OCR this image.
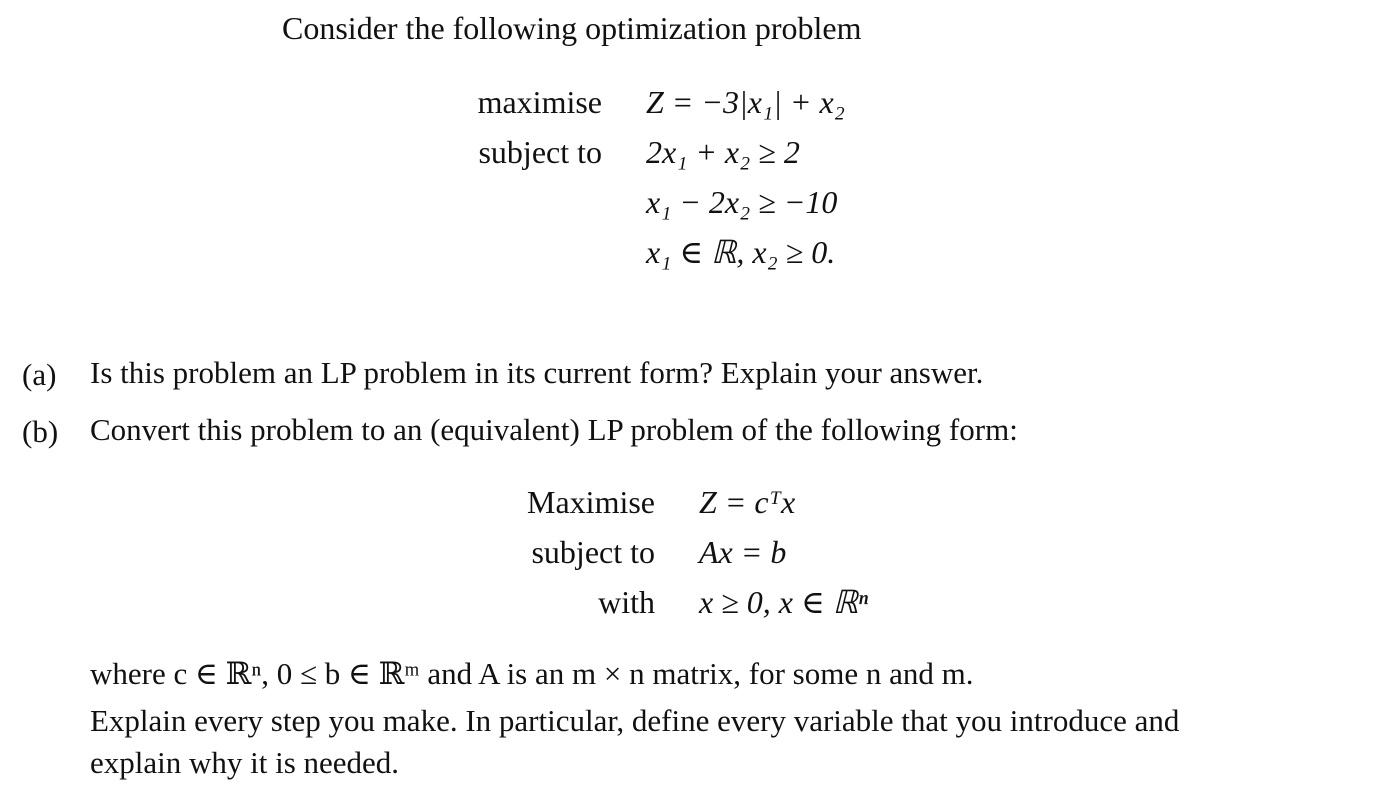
Consider the following optimization problem
maximise
subject to
Z = −3|x₁| + x₂
2x₁ + x₂ ≥ 2
x₁ − 2x₂ ≥ −10
x₁ ∈ ℝ, x₂ ≥ 0.
(a) Is this problem an LP problem in its current form? Explain your answer.
(b) Convert this problem to an (equivalent) LP problem of the following form:
Maximise
subject to
with
Z = cᵀx
Ax = b
x ≥ 0, x ∈ ℝⁿ
where c ∈ ℝⁿ, 0 ≤ b ∈ ℝᵐ and A is an m × n matrix, for some n and m.
Explain every step you make. In particular, define every variable that you introduce and
explain why it is needed.
